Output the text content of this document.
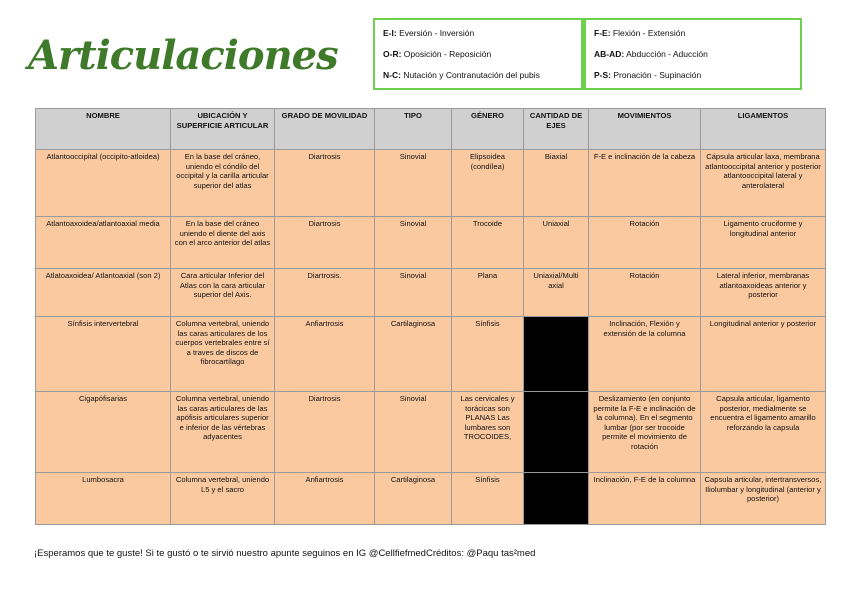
Articulaciones	E-I: Eversión - Inversión
O-R: Oposición - Reposición
N-C: Nutación y Contranutación del pubis
F-E: Flexión - Extensión
AB-AD: Abducción - Aducción
P-S: Pronación - Supinación
NOMBRE	UBICACIÓN Y SUPERFICIE ARTICULAR	GRADO DE MOVILIDAD	TIPO	GÉNERO	CANTIDAD DE EJES	MOVIMIENTOS	LIGAMENTOS
Atlantooccipital (occipito-atloidea)	En la base del cráneo, uniendo el cóndilo del occipital y la carilla articular superior del atlas	Diartrosis	Sinovial	Elipsoidea (condílea)	Biaxial	F-E e inclinación de la cabeza	Cápsula articular laxa, membrana atlantooccipital anterior y posterior atlantooccipital lateral y anterolateral
Atlantoaxoidea/atlantoaxial media	En la base del cráneo uniendo el diente del axis con el arco anterior del atlas	Diartrosis	Sinovial	Trocoide	Uniaxial	Rotación	Ligamento cruciforme y longitudinal anterior
Atlatoaxoidea/ Atlantoaxial (son 2)	Cara articular Inferior del Atlas con la cara articular superior del Axis.	Diartrosis.	Sinovial	Plana	Uniaxial/Multi axial	Rotación	Lateral inferior, membranas atlantoaxoideas anterior y posterior
Sínfisis intervertebral	Columna vertebral, uniendo las caras articulares de los cuerpos vertebrales entre sí a traves de discos de fibrocartílago	Anfiartrosis	Cartilaginosa	Sínfisis		Inclinación, Flexión y extensión de la columna	Longitudinal anterior y posterior
Cigapófisarias	Columna vertebral, uniendo las caras articulares de las apófisis articulares superior e inferior de las vértebras adyacentes	Diartrosis	Sinovial	Las cervicales y torácicas son PLANAS Las lumbares son TROCOIDES,		Deslizamiento (en conjunto permite la F-E e inclinación de la columna). En el segmento lumbar (por ser trocoide permite el movimiento de rotación	Capsula articular, ligamento posterior, medialmente se encuentra el ligamento amarillo reforzando la capsula
Lumbosacra	Columna vertebral, uniendo L5 y el sacro	Anfiartrosis	Cartilaginosa	Sínfisis		Inclinación, F-E de la columna	Capsula articular, intertransversos, Iliolumbar y longitudinal (anterior y posterior)
¡Esperamos que te guste! Si te gustó o te sirvió nuestro apunte seguinos en IG @CellfiefmedCréditos: @Paqu tas²med
